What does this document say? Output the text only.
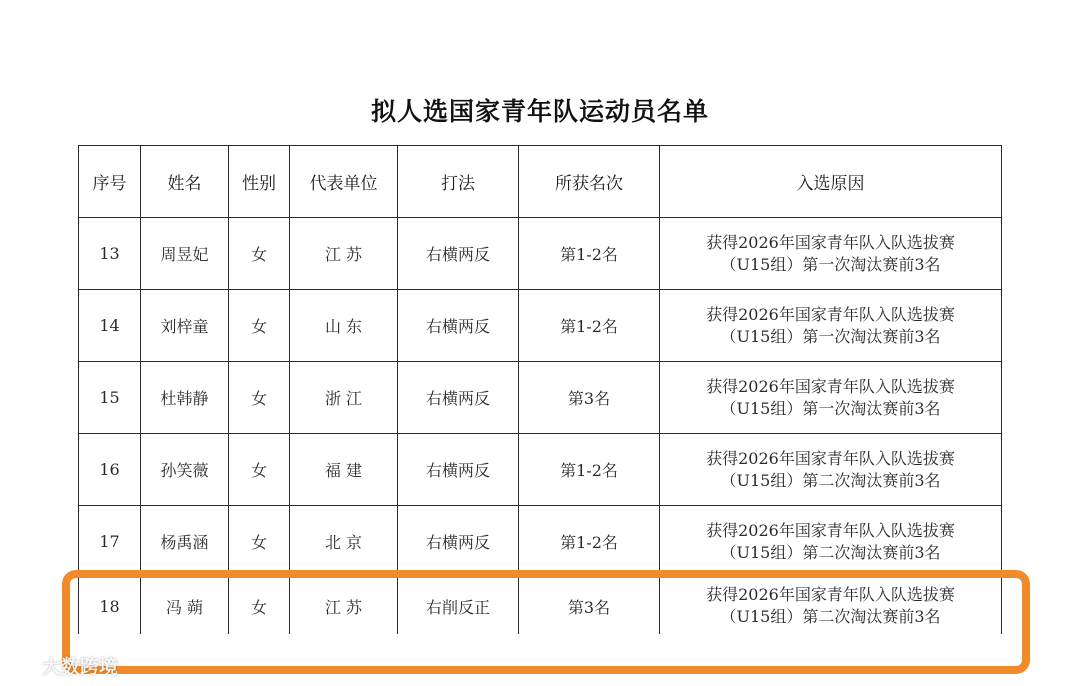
拟人选国家青年队运动员名单
序号	姓名	性别	代表单位	打法	所获名次	入选原因
13	周昱妃	女	江 苏	右横两反	第1-2名	获得2026年国家青年队入队选拔赛
（U15组）第一次淘汰赛前3名

14	刘梓童	女	山 东	右横两反	第1-2名	获得2026年国家青年队入队选拔赛
（U15组）第一次淘汰赛前3名

15	杜韩静	女	浙 江	右横两反	第3名	获得2026年国家青年队入队选拔赛
（U15组）第一次淘汰赛前3名

16	孙笑薇	女	福 建	右横两反	第1-2名	获得2026年国家青年队入队选拔赛
（U15组）第二次淘汰赛前3名

17	杨禹涵	女	北 京	右横两反	第1-2名	获得2026年国家青年队入队选拔赛
（U15组）第二次淘汰赛前3名

18	冯 蒴	女	江 苏	右削反正	第3名	获得2026年国家青年队入队选拔赛
（U15组）第二次淘汰赛前3名
大数跨境
